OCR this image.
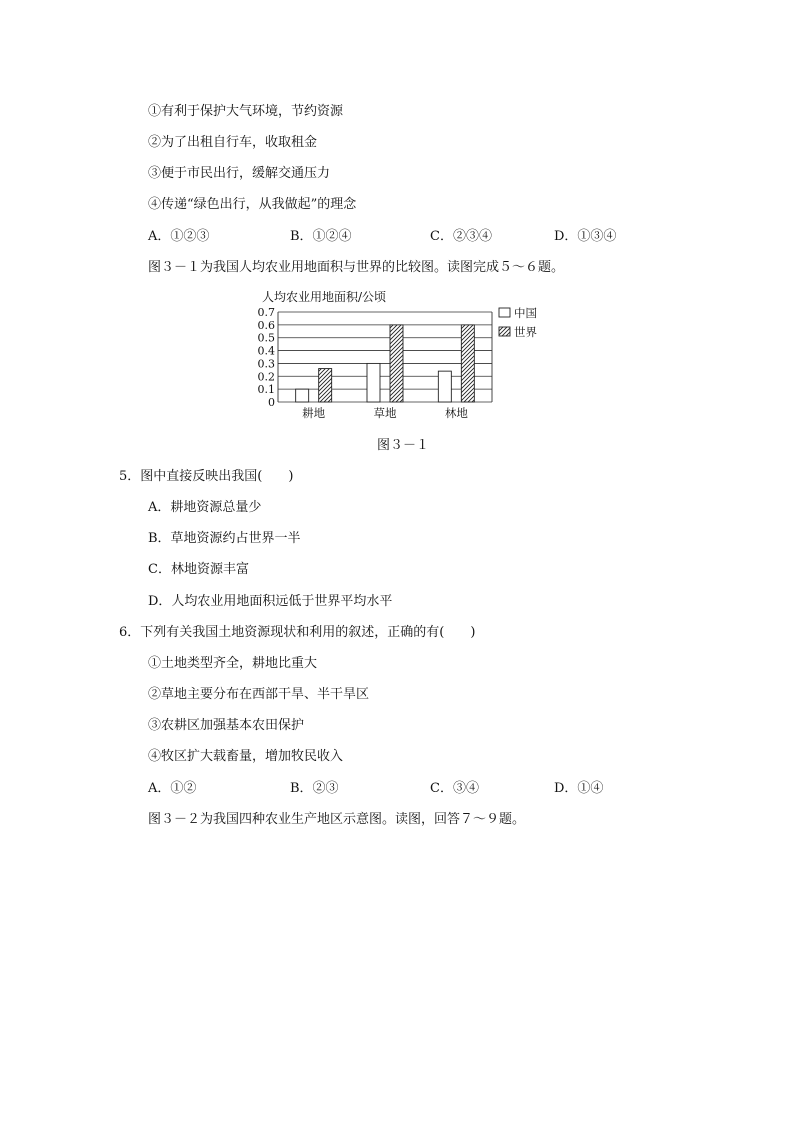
①有利于保护大气环境，节约资源
②为了出租自行车，收取租金
③便于市民出行，缓解交通压力
④传递“绿色出行，从我做起”的理念
A．①②③	B．①②④	C．②③④	D．①③④
图３－１为我国人均农业用地面积与世界的比较图。读图完成５～６题。
人均农业用地面积/公顷
0
0.1
0.2
0.3
0.4
0.5
0.6
0.7
耕地	草地	林地
中国
世界
图３－１
5．图中直接反映出我国(　　)
A．耕地资源总量少
B．草地资源约占世界一半
C．林地资源丰富
D．人均农业用地面积远低于世界平均水平
6．下列有关我国土地资源现状和利用的叙述，正确的有(　　)
①土地类型齐全，耕地比重大
②草地主要分布在西部干旱、半干旱区
③农耕区加强基本农田保护
④牧区扩大载畜量，增加牧民收入
A．①②	B．②③	C．③④	D．①④
图３－２为我国四种农业生产地区示意图。读图，回答７～９题。
